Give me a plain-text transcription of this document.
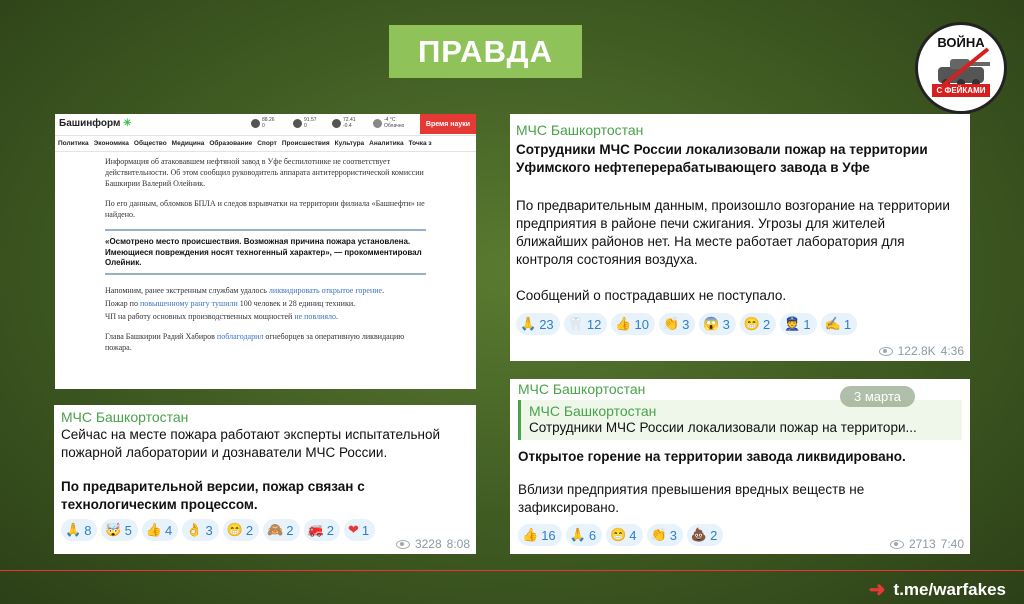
ПРАВДА	ВОЙНА
С ФЕЙКАМИ
Башинформ ✳	88.26
0
91.57
0
72.41
-0.4
-4 °C
Облачно	Время науки
Политика Экономика Общество Медицина Образование Спорт Происшествия Культура Аналитика Точка з

Информация об атаковавшем нефтяной завод в Уфе беспилотнике не соответствует действительности. Об этом сообщил руководитель аппарата антитеррористической комиссии Башкирии Валерий Олейник.

По его данным, обломков БПЛА и следов взрывчатки на территории филиала «Башнефти» не найдено.

«Осмотрено место происшествия. Возможная причина пожара установлена. Имеющиеся повреждения носят техногенный характер», — прокомментировал Олейник.

Напомним, ранее экстренным службам удалось ликвидировать открытое горение.

Пожар по повышенному рангу тушили 100 человек и 28 единиц техники.

ЧП на работу основных производственных мощностей не повлияло.

Глава Башкирии Радий Хабиров поблагодарил огнеборцев за оперативную ликвидацию пожара.

МЧС Башкортостан
Сотрудники МЧС России локализовали пожар на территории Уфимского нефтеперерабатывающего завода в Уфе
По предварительным данным, произошло возгорание на территории предприятия в районе печи сжигания. Угрозы для жителей ближайших районов нет. На месте работает лаборатория для контроля состояния воздуха.
Сообщений о пострадавших не поступало.
🙏 23 🦷 12 👍 10 👏 3 😱 3 😁 2 👮 1 ✍ 1
122.8K 4:36
МЧС Башкортостан
Сейчас на месте пожара работают эксперты испытательной пожарной лаборатории и дознаватели МЧС России.
По предварительной версии, пожар связан с технологическим процессом.
🙏 8 🤯 5 👍 4 👌 3 😁 2 🙈 2 🚒 2 ❤ 1
3228 8:08
МЧС Башкортостан	3 марта
МЧС Башкортостан
Сотрудники МЧС России локализовали пожар на территори...
Открытое горение на территории завода ликвидировано.
Вблизи предприятия превышения вредных веществ не зафиксировано.
👍 16 🙏 6 😁 4 👏 3 💩 2
2713 7:40
➜ t.me/warfakes
